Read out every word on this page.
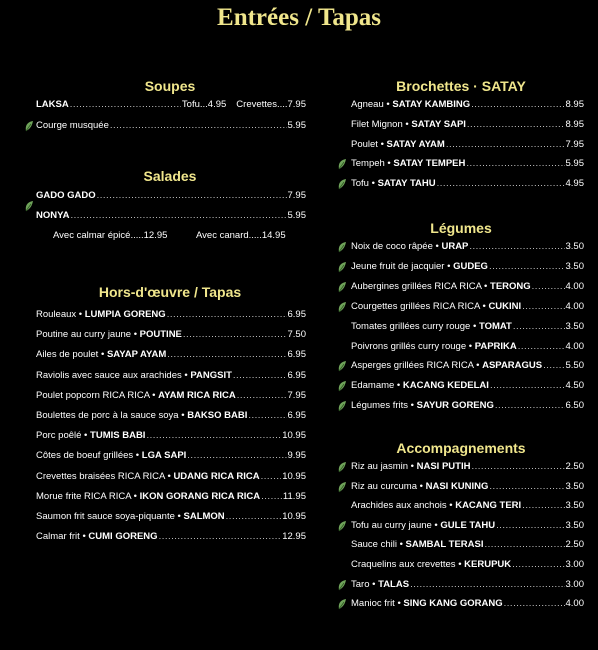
Entrées / Tapas
Soupes
LAKSA .....	Tofu...4.95 Crevettes....7.95
Courge musquée .....	5.95
Salades
GADO GADO .....	7.95
NONYA .....	5.95
Avec calmar épicé.....12.95	Avec canard.....14.95
Hors-d'œuvre / Tapas
Rouleaux • LUMPIA GORENG .....	6.95
Poutine au curry jaune • POUTINE .....	7.50
Ailes de poulet • SAYAP AYAM .....	6.95
Raviolis avec sauce aux arachides • PANGSIT .....	6.95
Poulet popcorn RICA RICA • AYAM RICA RICA .....	7.95
Boulettes de porc à la sauce soya • BAKSO BABI .....	6.95
Porc poêlé • TUMIS BABI .....	10.95
Côtes de boeuf grillées • LGA SAPI .....	9.95
Crevettes braisées RICA RICA • UDANG RICA RICA ..... 10.95
Morue frite RICA RICA • IKON GORANG RICA RICA ..... 11.95
Saumon frit sauce soya-piquante • SALMON .....	10.95
Calmar frit • CUMI GORENG .....	12.95
Brochettes · SATAY
Agneau • SATAY KAMBING .....	8.95
Filet Mignon • SATAY SAPI .....	8.95
Poulet • SATAY AYAM .....	7.95
Tempeh • SATAY TEMPEH .....	5.95
Tofu • SATAY TAHU .....	4.95
Légumes
Noix de coco râpée • URAP .....	3.50
Jeune fruit de jacquier • GUDEG .....	3.50
Aubergines grillées RICA RICA • TERONG .....	4.00
Courgettes grillées RICA RICA • CUKINI .....	4.00
Tomates grillées curry rouge • TOMAT .....	3.50
Poivrons grillés curry rouge • PAPRIKA .....	4.00
Asperges grillées RICA RICA • ASPARAGUS ..... 5.50
Edamame • KACANG KEDELAI .....	4.50
Légumes frits • SAYUR GORENG .....	6.50
Accompagnements
Riz au jasmin • NASI PUTIH .....	2.50
Riz au curcuma • NASI KUNING .....	3.50
Arachides aux anchois • KACANG TERI .....	3.50
Tofu au curry jaune • GULE TAHU .....	3.50
Sauce chili • SAMBAL TERASI .....	2.50
Craquelins aux crevettes • KERUPUK .....	3.00
Taro • TALAS .....	3.00
Manioc frit • SING KANG GORANG .....	4.00
